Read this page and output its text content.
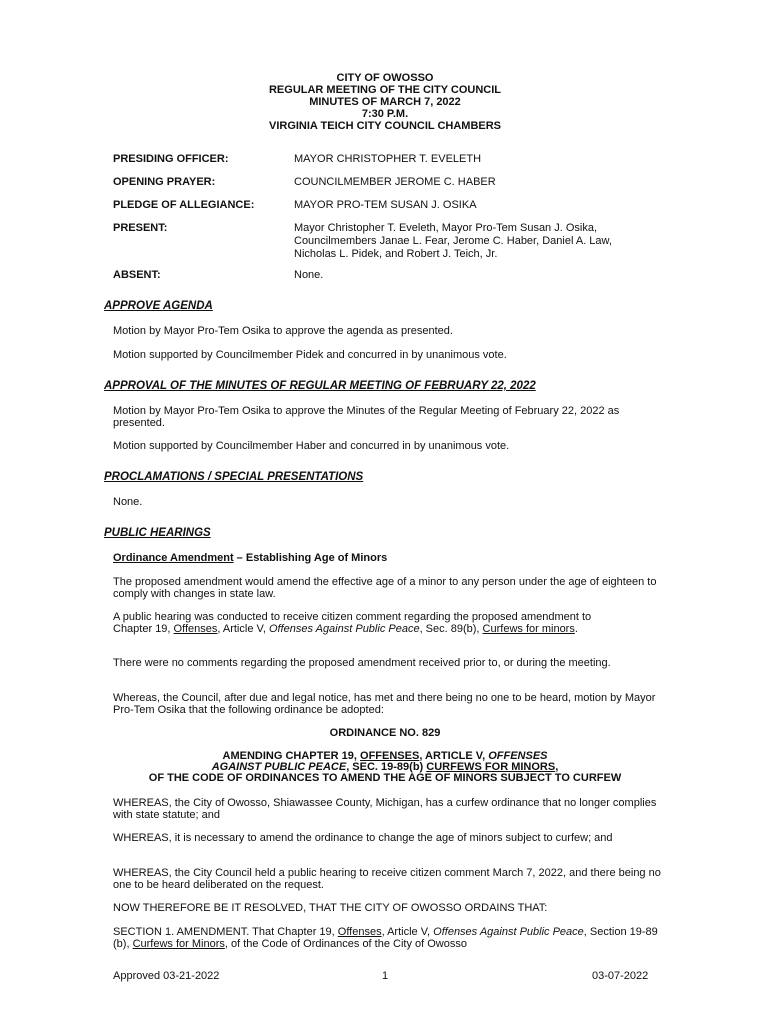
CITY OF OWOSSO
REGULAR MEETING OF THE CITY COUNCIL
MINUTES OF MARCH 7, 2022
7:30 P.M.
VIRGINIA TEICH CITY COUNCIL CHAMBERS
PRESIDING OFFICER:	MAYOR CHRISTOPHER T. EVELETH
OPENING PRAYER:	COUNCILMEMBER JEROME C. HABER
PLEDGE OF ALLEGIANCE:	MAYOR PRO-TEM SUSAN J. OSIKA
PRESENT:	Mayor Christopher T. Eveleth, Mayor Pro-Tem Susan J. Osika, Councilmembers Janae L. Fear, Jerome C. Haber, Daniel A. Law, Nicholas L. Pidek, and Robert J. Teich, Jr.
ABSENT:	None.
APPROVE AGENDA
Motion by Mayor Pro-Tem Osika to approve the agenda as presented.
Motion supported by Councilmember Pidek and concurred in by unanimous vote.
APPROVAL OF THE MINUTES OF REGULAR MEETING OF FEBRUARY 22, 2022
Motion by Mayor Pro-Tem Osika to approve the Minutes of the Regular Meeting of February 22, 2022 as presented.
Motion supported by Councilmember Haber and concurred in by unanimous vote.
PROCLAMATIONS / SPECIAL PRESENTATIONS
None.
PUBLIC HEARINGS
Ordinance Amendment – Establishing Age of Minors
The proposed amendment would amend the effective age of a minor to any person under the age of eighteen to comply with changes in state law.
A public hearing was conducted to receive citizen comment regarding the proposed amendment to
Chapter 19, Offenses, Article V, Offenses Against Public Peace, Sec. 89(b), Curfews for minors.
There were no comments regarding the proposed amendment received prior to, or during the meeting.
Whereas, the Council, after due and legal notice, has met and there being no one to be heard, motion by Mayor Pro-Tem Osika that the following ordinance be adopted:
ORDINANCE NO. 829
AMENDING CHAPTER 19, OFFENSES, ARTICLE V, OFFENSES
AGAINST PUBLIC PEACE, SEC. 19-89(b) CURFEWS FOR MINORS,
OF THE CODE OF ORDINANCES TO AMEND THE AGE OF MINORS SUBJECT TO CURFEW
WHEREAS, the City of Owosso, Shiawassee County, Michigan, has a curfew ordinance that no longer complies with state statute; and
WHEREAS, it is necessary to amend the ordinance to change the age of minors subject to curfew; and
WHEREAS, the City Council held a public hearing to receive citizen comment March 7, 2022, and there being no one to be heard deliberated on the request.
NOW THEREFORE BE IT RESOLVED, THAT THE CITY OF OWOSSO ORDAINS THAT:
SECTION 1. AMENDMENT. That Chapter 19, Offenses, Article V, Offenses Against Public Peace, Section 19-89 (b), Curfews for Minors, of the Code of Ordinances of the City of Owosso
Approved 03-21-2022	1	03-07-2022
